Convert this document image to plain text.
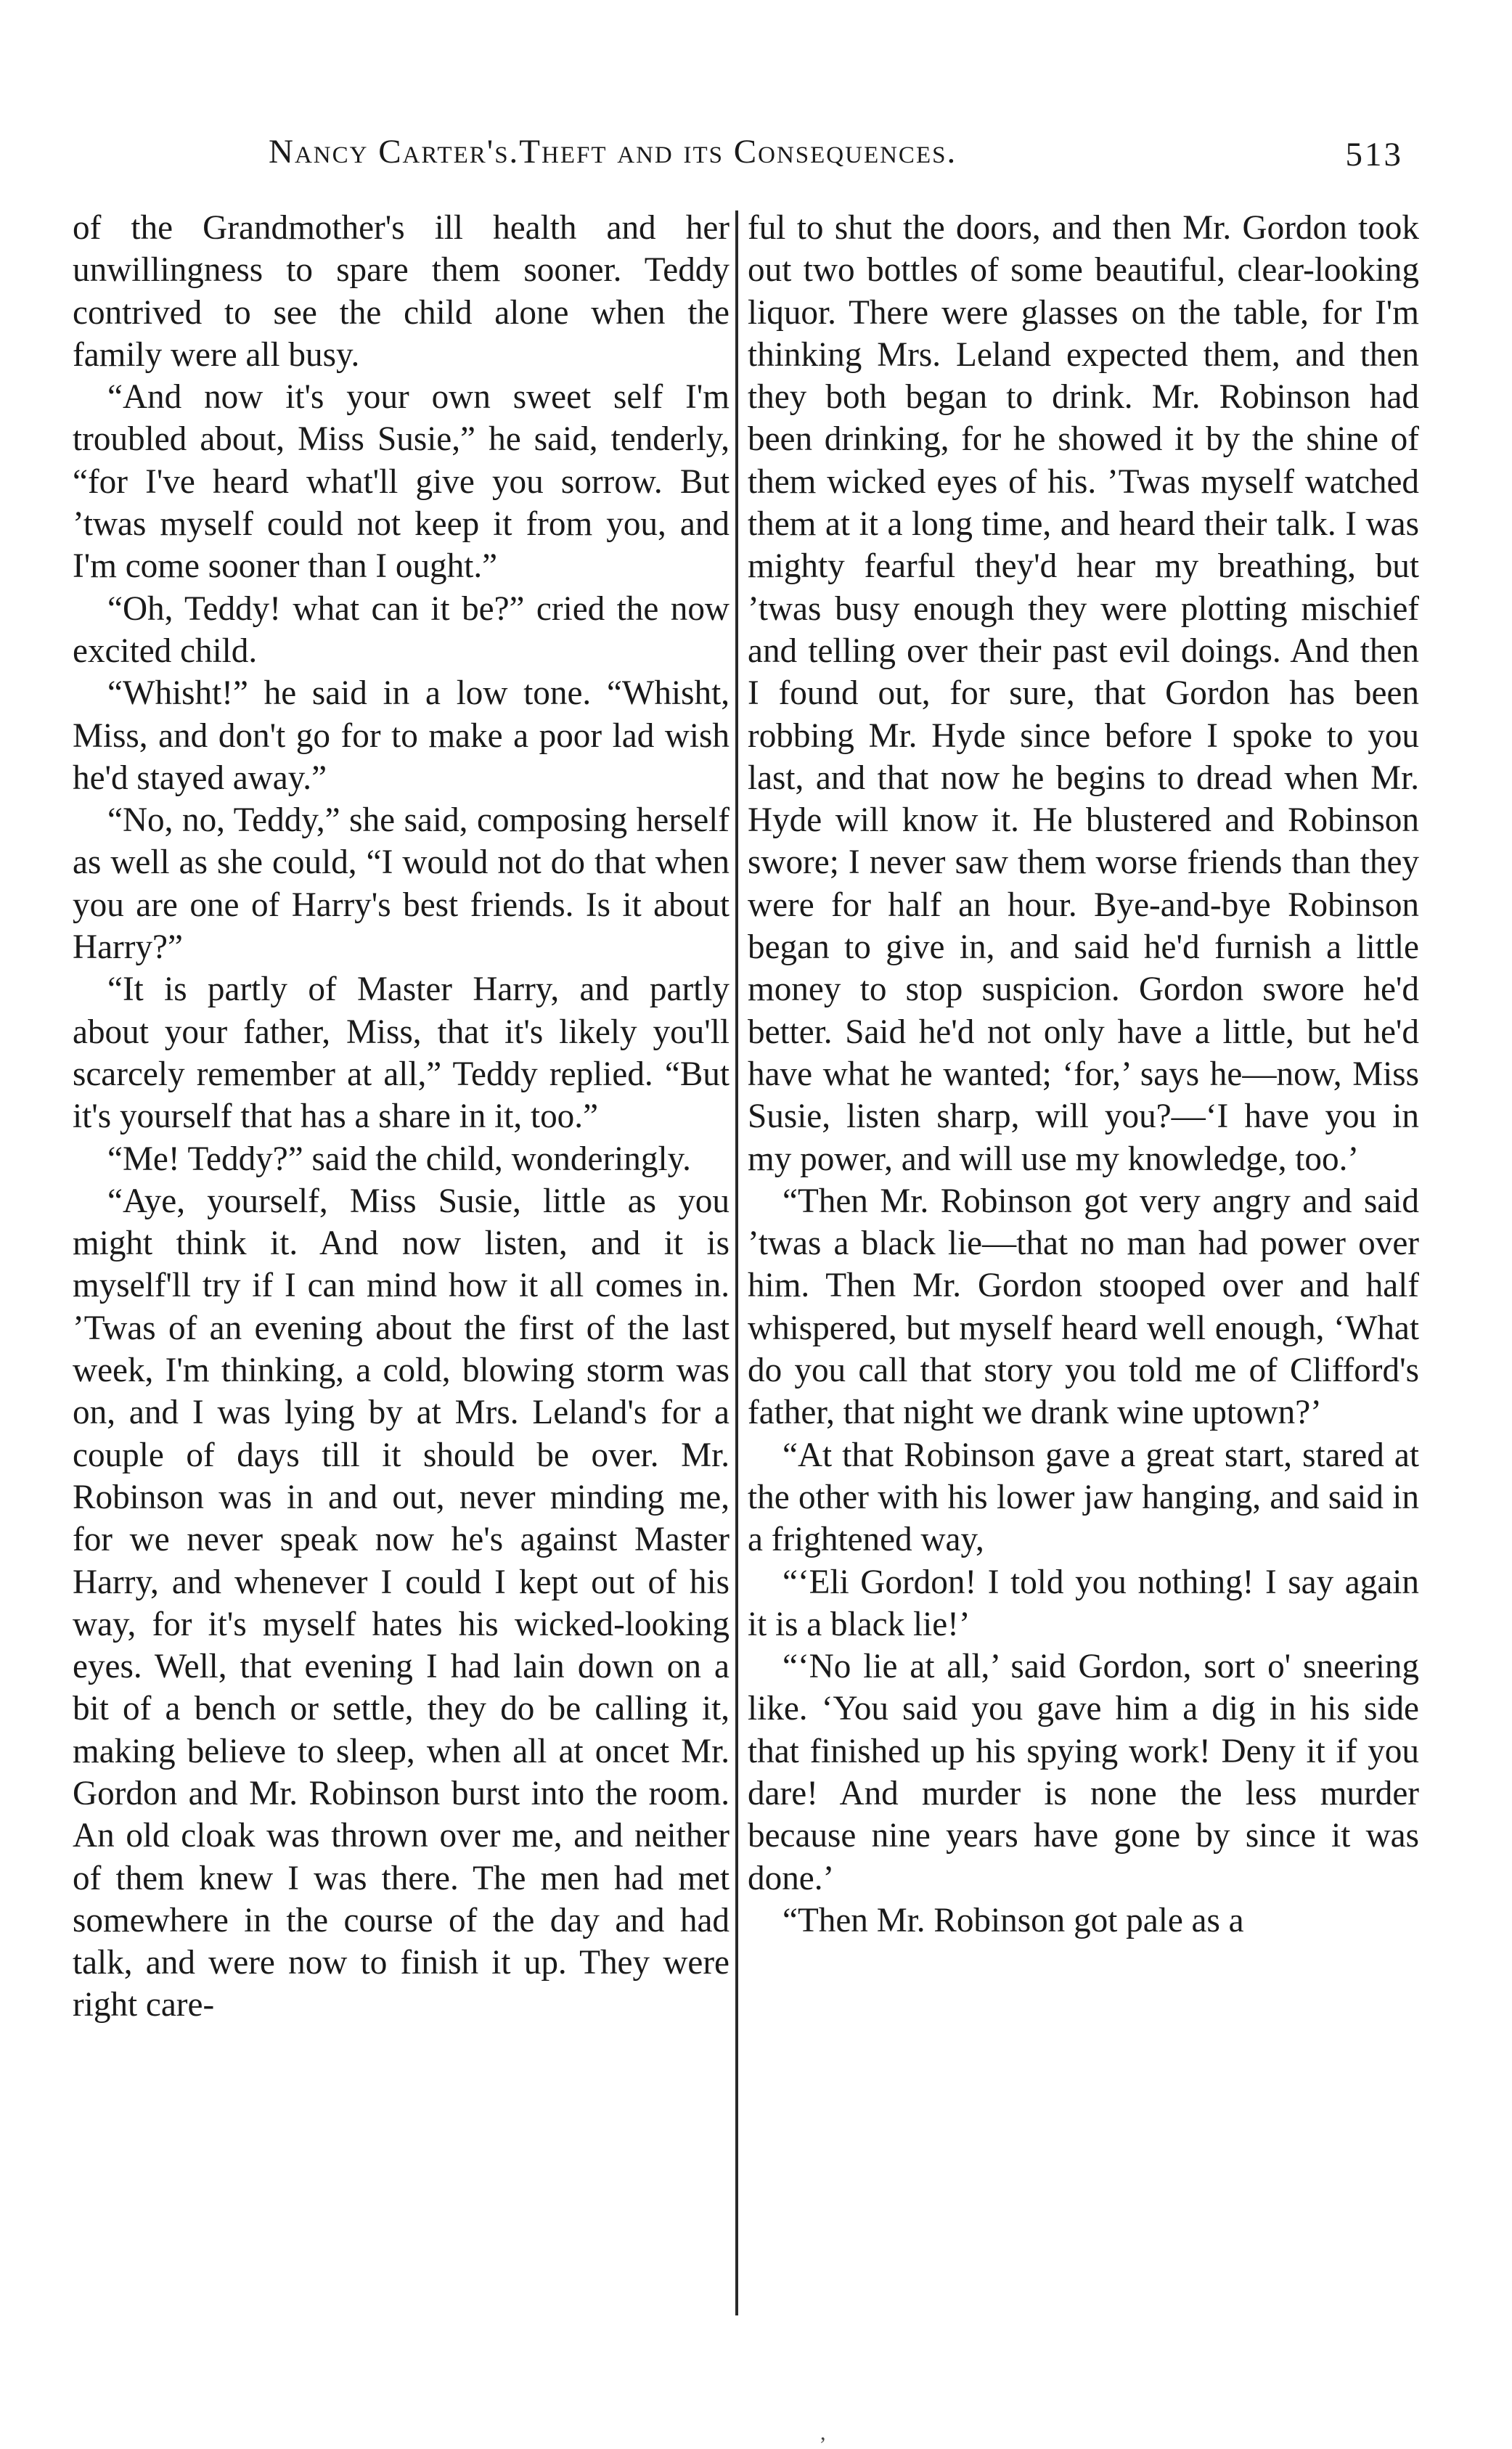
Nancy Carter's.Theft and its Consequences.	513

of the Grandmother's ill health and her unwillingness to spare them sooner. Teddy contrived to see the child alone when the family were all busy.

“And now it's your own sweet self I'm troubled about, Miss Susie,” he said, tenderly, “for I've heard what'll give you sorrow. But ’twas myself could not keep it from you, and I'm come sooner than I ought.”

“Oh, Teddy! what can it be?” cried the now excited child.

“Whisht!” he said in a low tone. “Whisht, Miss, and don't go for to make a poor lad wish he'd stayed away.”

“No, no, Teddy,” she said, composing herself as well as she could, “I would not do that when you are one of Harry's best friends. Is it about Harry?”

“It is partly of Master Harry, and partly about your father, Miss, that it's likely you'll scarcely remember at all,” Teddy replied. “But it's yourself that has a share in it, too.”

“Me! Teddy?” said the child, wonderingly.

“Aye, yourself, Miss Susie, little as you might think it. And now listen, and it is myself'll try if I can mind how it all comes in. ’Twas of an evening about the first of the last week, I'm thinking, a cold, blowing storm was on, and I was lying by at Mrs. Leland's for a couple of days till it should be over. Mr. Robinson was in and out, never minding me, for we never speak now he's against Master Harry, and whenever I could I kept out of his way, for it's myself hates his wicked-looking eyes. Well, that evening I had lain down on a bit of a bench or settle, they do be calling it, making believe to sleep, when all at oncet Mr. Gordon and Mr. Robinson burst into the room. An old cloak was thrown over me, and neither of them knew I was there. The men had met somewhere in the course of the day and had talk, and were now to finish it up. They were right care-

ful to shut the doors, and then Mr. Gordon took out two bottles of some beautiful, clear-looking liquor. There were glasses on the table, for I'm thinking Mrs. Leland expected them, and then they both began to drink. Mr. Robinson had been drinking, for he showed it by the shine of them wicked eyes of his. ’Twas myself watched them at it a long time, and heard their talk. I was mighty fearful they'd hear my breathing, but ’twas busy enough they were plotting mischief and telling over their past evil doings. And then I found out, for sure, that Gordon has been robbing Mr. Hyde since before I spoke to you last, and that now he begins to dread when Mr. Hyde will know it. He blustered and Robinson swore; I never saw them worse friends than they were for half an hour. Bye-and-bye Robinson began to give in, and said he'd furnish a little money to stop suspicion. Gordon swore he'd better. Said he'd not only have a little, but he'd have what he wanted; ‘for,’ says he—now, Miss Susie, listen sharp, will you?—‘I have you in my power, and will use my knowledge, too.’

“Then Mr. Robinson got very angry and said ’twas a black lie—that no man had power over him. Then Mr. Gordon stooped over and half whispered, but myself heard well enough, ‘What do you call that story you told me of Clifford's father, that night we drank wine uptown?’

“At that Robinson gave a great start, stared at the other with his lower jaw hanging, and said in a frightened way,

“‘Eli Gordon! I told you nothing! I say again it is a black lie!’

“‘No lie at all,’ said Gordon, sort o' sneering like. ‘You said you gave him a dig in his side that finished up his spying work! Deny it if you dare! And murder is none the less murder because nine years have gone by since it was done.’

“Then Mr. Robinson got pale as a

,
